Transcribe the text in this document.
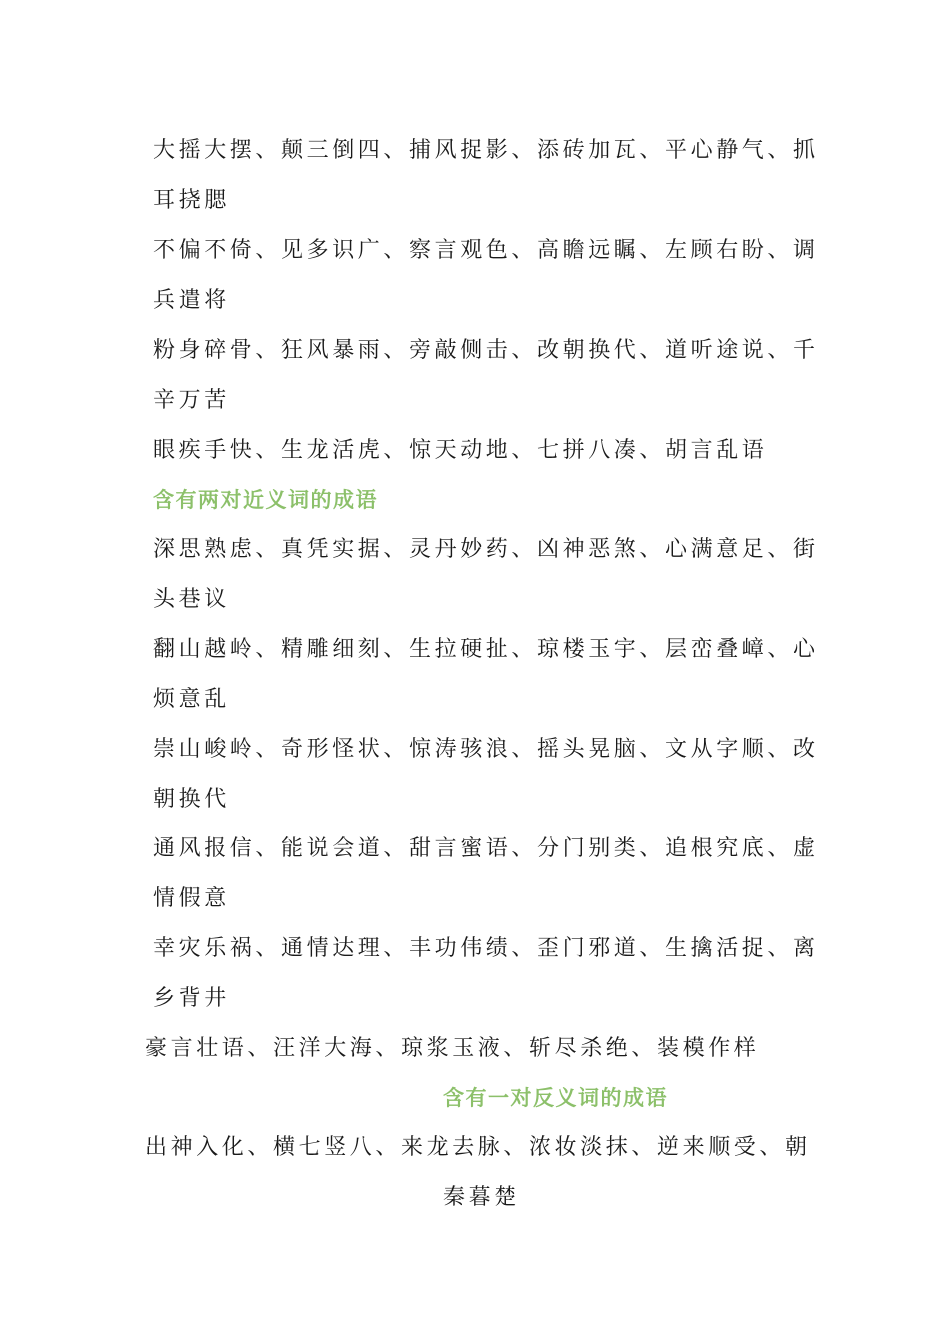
大摇大摆、颠三倒四、捕风捉影、添砖加瓦、平心静气、抓
耳挠腮
不偏不倚、见多识广、察言观色、高瞻远瞩、左顾右盼、调
兵遣将
粉身碎骨、狂风暴雨、旁敲侧击、改朝换代、道听途说、千
辛万苦
眼疾手快、生龙活虎、惊天动地、七拼八凑、胡言乱语
含有两对近义词的成语
深思熟虑、真凭实据、灵丹妙药、凶神恶煞、心满意足、街
头巷议
翻山越岭、精雕细刻、生拉硬扯、琼楼玉宇、层峦叠嶂、心
烦意乱
崇山峻岭、奇形怪状、惊涛骇浪、摇头晃脑、文从字顺、改
朝换代
通风报信、能说会道、甜言蜜语、分门别类、追根究底、虚
情假意
幸灾乐祸、通情达理、丰功伟绩、歪门邪道、生擒活捉、离
乡背井
豪言壮语、汪洋大海、琼浆玉液、斩尽杀绝、装模作样
含有一对反义词的成语
出神入化、横七竖八、来龙去脉、浓妆淡抹、逆来顺受、朝
秦暮楚
